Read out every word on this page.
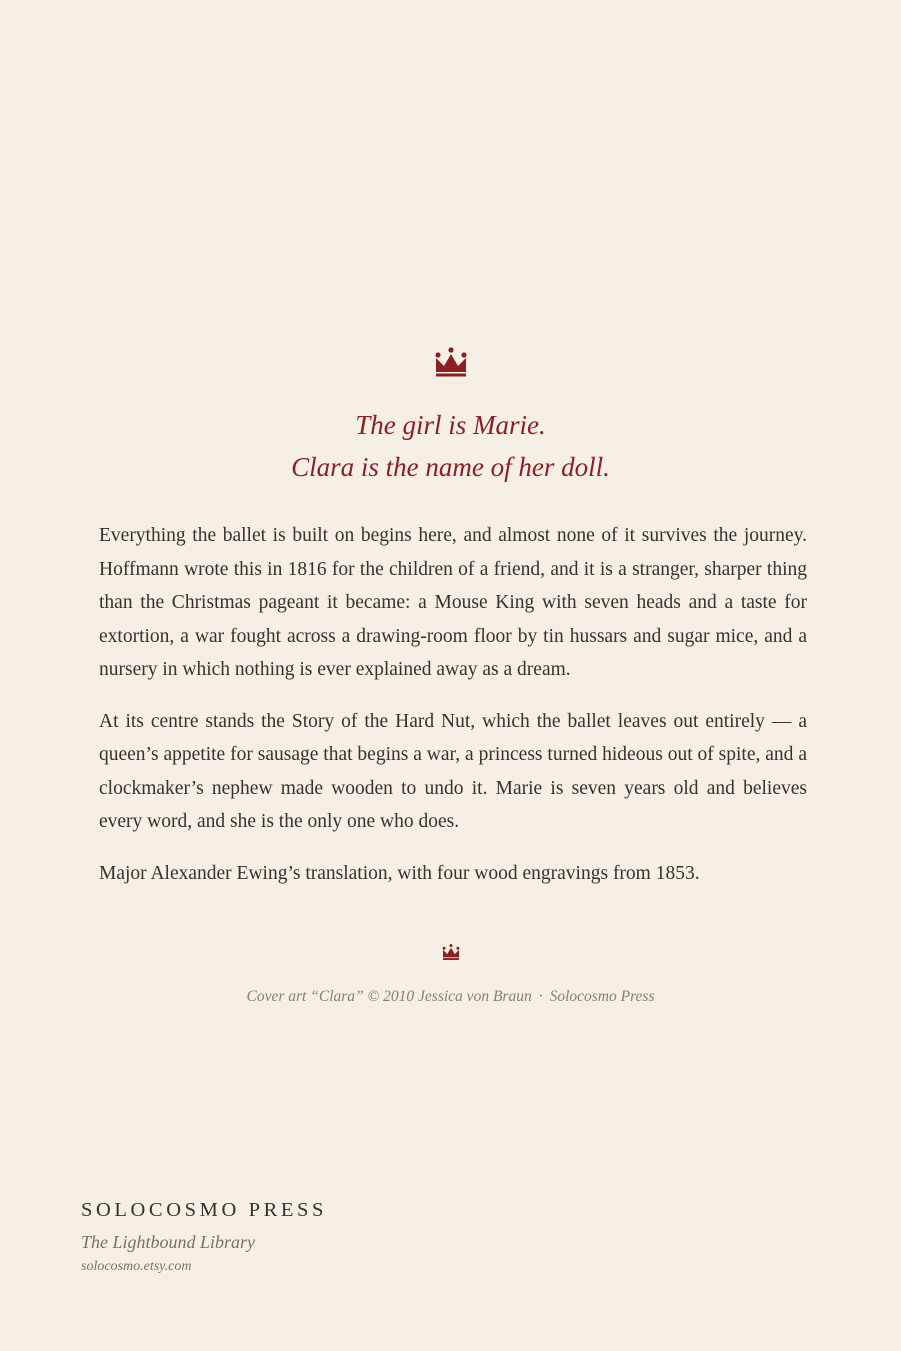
The girl is Marie.
Clara is the name of her doll.

Everything the ballet is built on begins here, and almost none of it survives the journey. Hoffmann wrote this in 1816 for the children of a friend, and it is a stranger, sharper thing than the Christmas pageant it became: a Mouse King with seven heads and a taste for extortion, a war fought across a drawing-room floor by tin hussars and sugar mice, and a nursery in which nothing is ever explained away as a dream.

At its centre stands the Story of the Hard Nut, which the ballet leaves out entirely — a queen’s appetite for sausage that begins a war, a princess turned hideous out of spite, and a clockmaker’s nephew made wooden to undo it. Marie is seven years old and believes every word, and she is the only one who does.

Major Alexander Ewing’s translation, with four wood engravings from 1853.

Cover art “Clara” © 2010 Jessica von Braun · Solocosmo Press
SOLOCOSMO PRESS
The Lightbound Library
solocosmo.etsy.com
